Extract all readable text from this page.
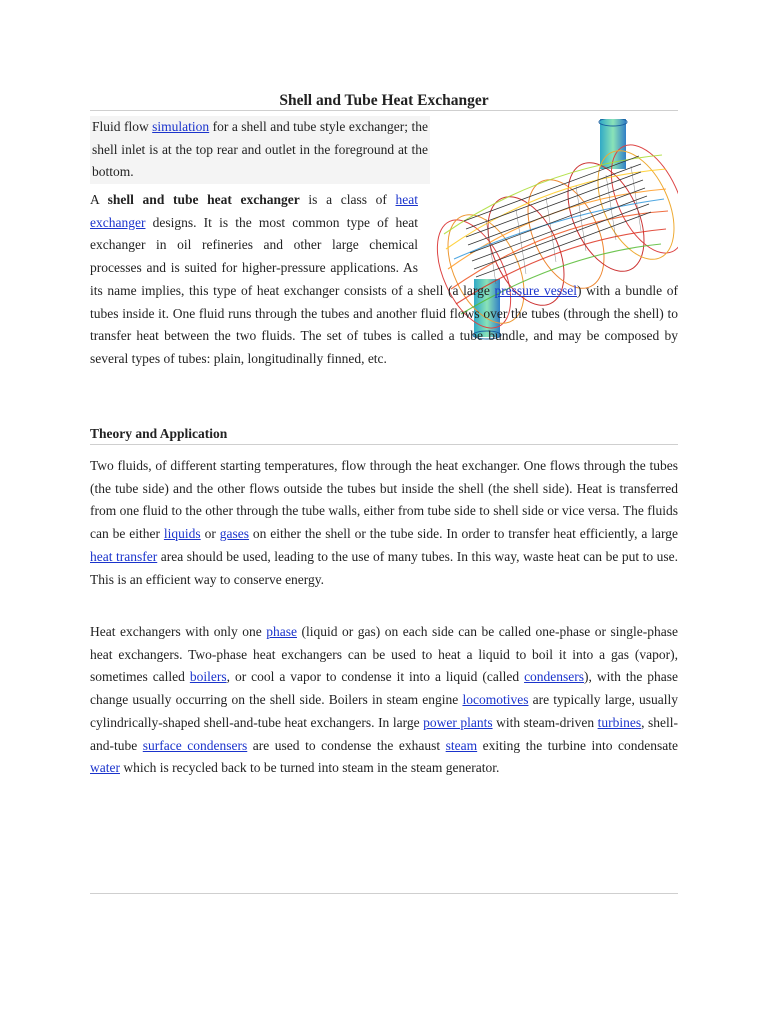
Shell and Tube Heat Exchanger
Fluid flow simulation for a shell and tube style exchanger; the shell inlet is at the top rear and outlet in the foreground at the bottom.
A shell and tube heat exchanger is a class of heat exchanger designs. It is the most common type of heat exchanger in oil refineries and other large chemical processes and is suited for higher-pressure applications. As its name implies, this type of heat exchanger consists of a shell (a large pressure vessel) with a bundle of tubes inside it. One fluid runs through the tubes and another fluid flows over the tubes (through the shell) to transfer heat between the two fluids. The set of tubes is called a tube bundle, and may be composed by several types of tubes: plain, longitudinally finned, etc.
Theory and Application
Two fluids, of different starting temperatures, flow through the heat exchanger. One flows through the tubes (the tube side) and the other flows outside the tubes but inside the shell (the shell side). Heat is transferred from one fluid to the other through the tube walls, either from tube side to shell side or vice versa. The fluids can be either liquids or gases on either the shell or the tube side. In order to transfer heat efficiently, a large heat transfer area should be used, leading to the use of many tubes. In this way, waste heat can be put to use. This is an efficient way to conserve energy.
Heat exchangers with only one phase (liquid or gas) on each side can be called one-phase or single-phase heat exchangers. Two-phase heat exchangers can be used to heat a liquid to boil it into a gas (vapor), sometimes called boilers, or cool a vapor to condense it into a liquid (called condensers), with the phase change usually occurring on the shell side. Boilers in steam engine locomotives are typically large, usually cylindrically-shaped shell-and-tube heat exchangers. In large power plants with steam-driven turbines, shell-and-tube surface condensers are used to condense the exhaust steam exiting the turbine into condensate water which is recycled back to be turned into steam in the steam generator.
